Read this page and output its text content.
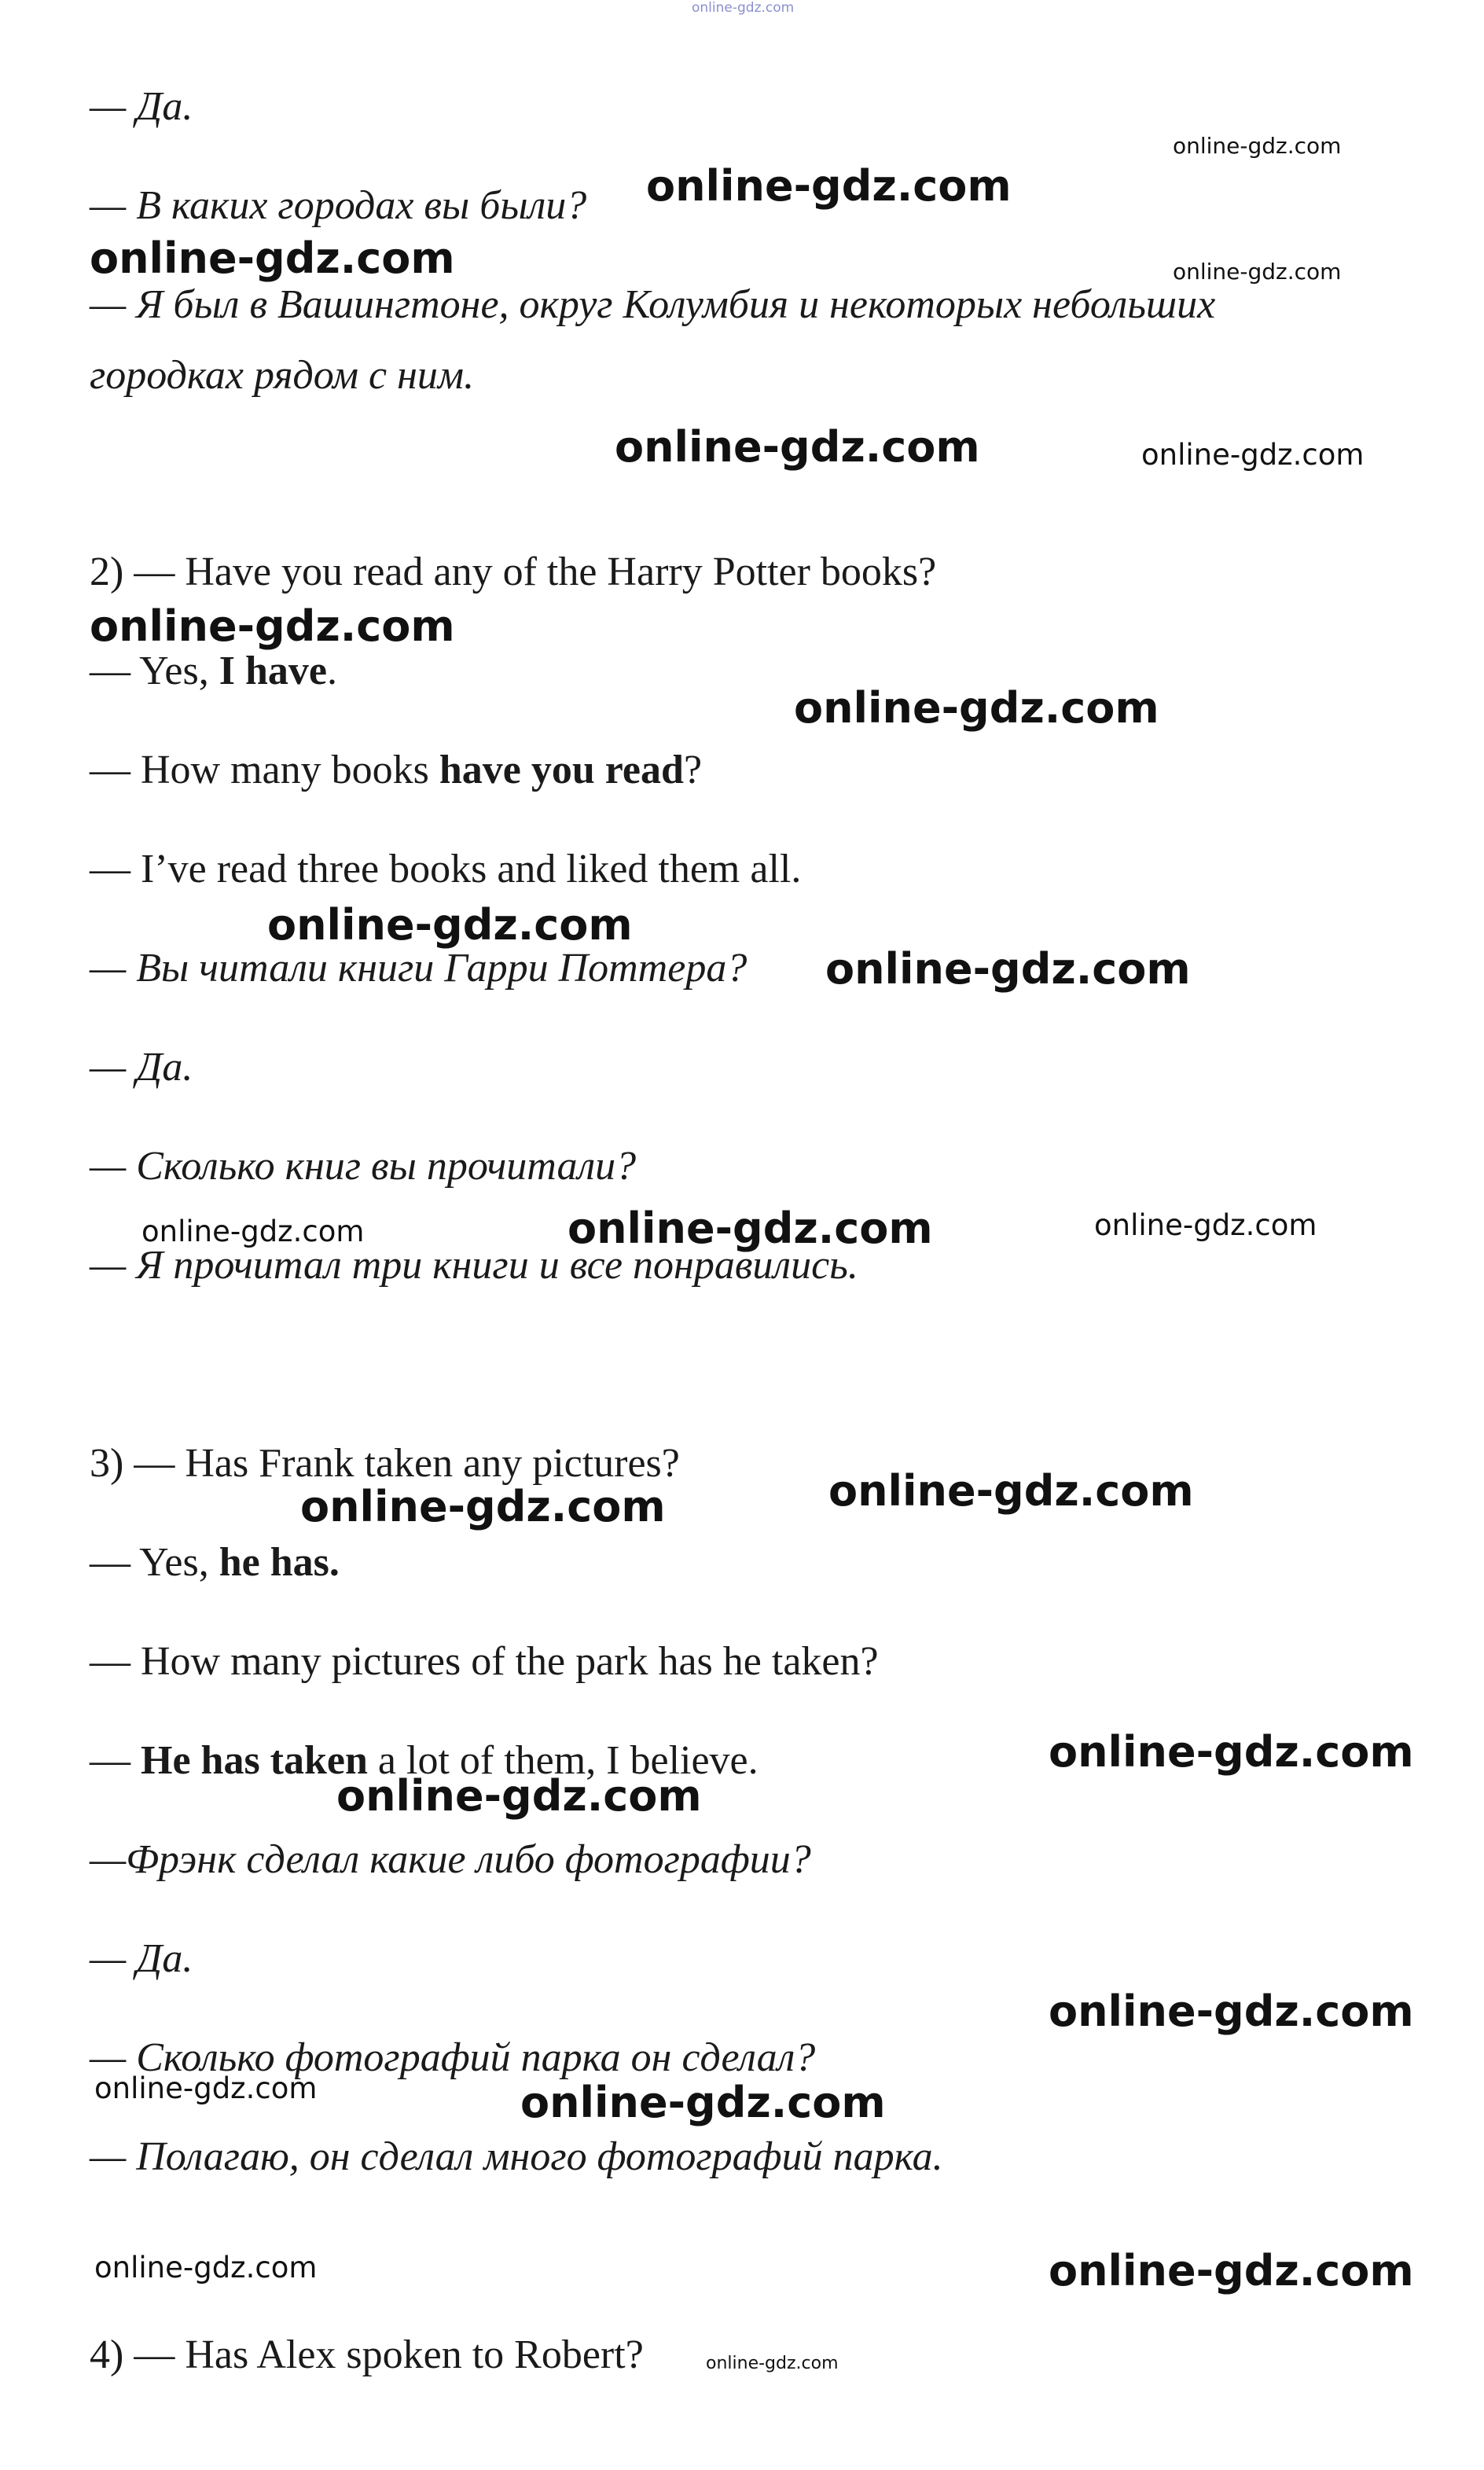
online-gdz.com
— Да.
— В каких городах вы были?
— Я был в Вашингтоне, округ Колумбия и некоторых небольших
городках рядом с ним.
2) — Have you read any of the Harry Potter books?
— Yes, I have.
— How many books have you read?
— I’ve read three books and liked them all.
— Вы читали книги Гарри Поттера?
— Да.
— Сколько книг вы прочитали?
— Я прочитал три книги и все понравились.
3) — Has Frank taken any pictures?
— Yes, he has.
— How many pictures of the park has he taken?
— He has taken a lot of them, I believe.
—Фрэнк сделал какие либо фотографии?
— Да.
— Сколько фотографий парка он сделал?
— Полагаю, он сделал много фотографий парка.
4) — Has Alex spoken to Robert?
online-gdz.com
online-gdz.com
online-gdz.com	online-gdz.com
online-gdz.com	online-gdz.com
online-gdz.com
online-gdz.com
online-gdz.com
online-gdz.com
online-gdz.com	online-gdz.com	online-gdz.com
online-gdz.com
online-gdz.com
online-gdz.com
online-gdz.com
online-gdz.com
online-gdz.com	online-gdz.com
online-gdz.com	online-gdz.com
online-gdz.com
